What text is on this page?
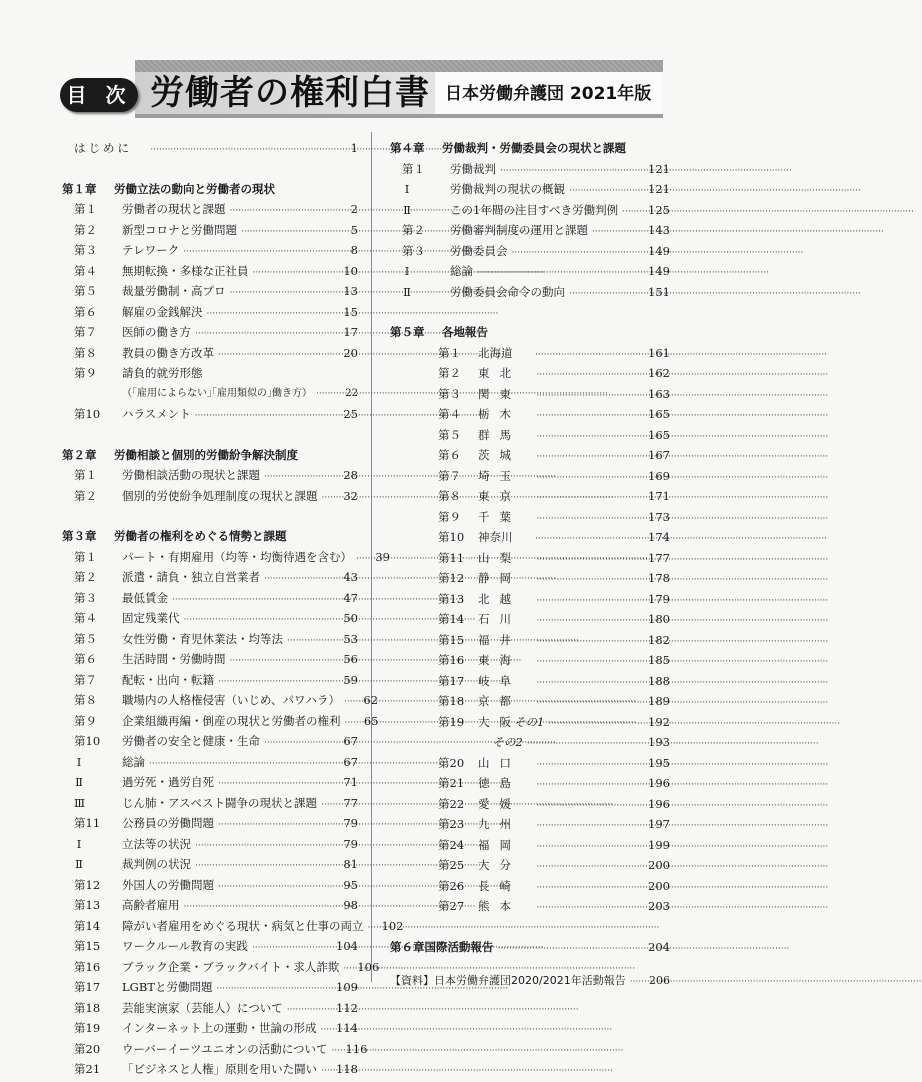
目 次 労働者の権利白書 日本労働弁護団 2021年版
はじめに ·····	1
第１章	労働立法の動向と労働者の現状
第１	労働者の現状と課題 ·····	2
第２	新型コロナと労働問題 ·····	5
第３	テレワーク ·····	8
第４	無期転換・多様な正社員 ·····	10
第５	裁量労働制・高プロ ·····	13
第６	解雇の金銭解決 ·····	15
第７	医師の働き方 ·····	17
第８	教員の働き方改革 ·····	20
第９	請負的就労形態
（｢雇用によらない｣｢雇用類似の｣働き方） ·····	22
第10	ハラスメント ·····	25
第２章	労働相談と個別的労働紛争解決制度
第１	労働相談活動の現状と課題 ·····	28
第２	個別的労使紛争処理制度の現状と課題 ·····	32
第３章	労働者の権利をめぐる情勢と課題
第１	パート・有期雇用（均等・均衡待遇を含む） ·····	39
第２	派遣・請負・独立自営業者 ·····	43
第３	最低賃金 ·····	47
第４	固定残業代 ·····	50
第５	女性労働・育児休業法・均等法 ·····	53
第６	生活時間・労働時間 ·····	56
第７	配転・出向・転籍 ·····	59
第８	職場内の人格権侵害（いじめ、パワハラ） ·····	62
第９	企業組織再編・倒産の現状と労働者の権利 ·····	65
第10	労働者の安全と健康・生命 ·····	67
Ⅰ	総論 ·····	67
Ⅱ	過労死・過労自死 ·····	71
Ⅲ	じん肺・アスベスト闘争の現状と課題 ·····	77
第11	公務員の労働問題 ·····	79
Ⅰ	立法等の状況 ·····	79
Ⅱ	裁判例の状況 ·····	81
第12	外国人の労働問題 ·····	95
第13	高齢者雇用 ·····	98
第14	障がい者雇用をめぐる現状・病気と仕事の両立 ····· 102
第15	ワークルール教育の実践 ·····	104
第16	ブラック企業・ブラックバイト・求人詐欺 ····· 106
第17	LGBTと労働問題 ·····	109
第18	芸能実演家（芸能人）について ·····	112
第19	インターネット上の運動・世論の形成 ····· 114
第20	ウーバーイーツユニオンの活動について ····· 116
第21	「ビジネスと人権」原則を用いた闘い ····· 118
第４章	労働裁判・労働委員会の現状と課題
第１	労働裁判 ·····	121
Ⅰ	労働裁判の現状の概観 ·····	121
Ⅱ	この1年間の注目すべき労働判例 ·····	125
第２	労働審判制度の運用と課題 ·····	143
第３	労働委員会 ·····	149
Ⅰ	総論 ·····	149
Ⅱ	労働委員会命令の動向 ·····	151
第５章	各地報告
第１	北海道 ·····	161
第２	東北 ·····	162
第３	関東 ·····	163
第４	栃木 ·····	165
第５	群馬 ·····	165
第６	茨城 ·····	167
第７	埼玉 ·····	169
第８	東京 ·····	171
第９	千葉 ·····	173
第10	神奈川 ·····	174
第11	山梨 ·····	177
第12	静岡 ·····	178
第13	北越 ·····	179
第14	石川 ·····	180
第15	福井 ·····	182
第16	東海 ·····	185
第17	岐阜 ·····	188
第18	京都 ·····	189
第19	大阪
その1 ·····	192
その2 ·····	193
第20	山口 ·····	195
第21	徳島 ·····	196
第22	愛媛 ·····	196
第23	九州 ·····	197
第24	福岡 ·····	199
第25	大分 ·····	200
第26	長崎 ·····	200
第27	熊本 ·····	203
第６章 国際活動報告 ·····	204
【資料】日本労働弁護団2020/2021年活動報告 ····· 206
